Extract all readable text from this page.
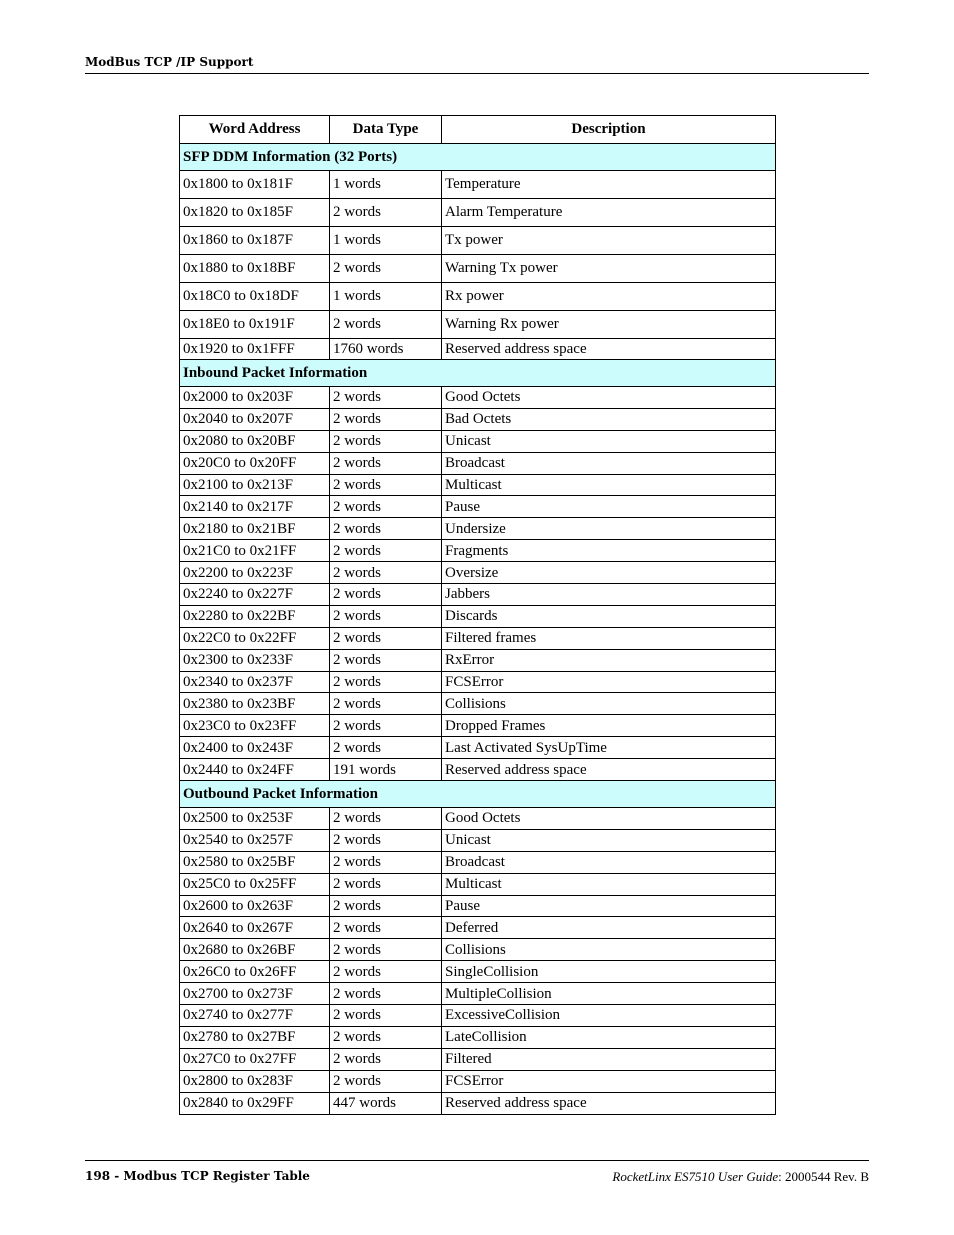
ModBus TCP /IP Support
Word Address	Data Type	Description
SFP DDM Information (32 Ports)		
0x1800 to 0x181F	1 words	Temperature
0x1820 to 0x185F	2 words	Alarm Temperature
0x1860 to 0x187F	1 words	Tx power
0x1880 to 0x18BF	2 words	Warning Tx power
0x18C0 to 0x18DF	1 words	Rx power
0x18E0 to 0x191F	2 words	Warning Rx power
0x1920 to 0x1FFF	1760 words	Reserved address space
Inbound Packet Information		
0x2000 to 0x203F	2 words	Good Octets
0x2040 to 0x207F	2 words	Bad Octets
0x2080 to 0x20BF	2 words	Unicast
0x20C0 to 0x20FF	2 words	Broadcast
0x2100 to 0x213F	2 words	Multicast
0x2140 to 0x217F	2 words	Pause
0x2180 to 0x21BF	2 words	Undersize
0x21C0 to 0x21FF	2 words	Fragments
0x2200 to 0x223F	2 words	Oversize
0x2240 to 0x227F	2 words	Jabbers
0x2280 to 0x22BF	2 words	Discards
0x22C0 to 0x22FF	2 words	Filtered frames
0x2300 to 0x233F	2 words	RxError
0x2340 to 0x237F	2 words	FCSError
0x2380 to 0x23BF	2 words	Collisions
0x23C0 to 0x23FF	2 words	Dropped Frames
0x2400 to 0x243F	2 words	Last Activated SysUpTime
0x2440 to 0x24FF	191 words	Reserved address space
Outbound Packet Information		
0x2500 to 0x253F	2 words	Good Octets
0x2540 to 0x257F	2 words	Unicast
0x2580 to 0x25BF	2 words	Broadcast
0x25C0 to 0x25FF	2 words	Multicast
0x2600 to 0x263F	2 words	Pause
0x2640 to 0x267F	2 words	Deferred
0x2680 to 0x26BF	2 words	Collisions
0x26C0 to 0x26FF	2 words	SingleCollision
0x2700 to 0x273F	2 words	MultipleCollision
0x2740 to 0x277F	2 words	ExcessiveCollision
0x2780 to 0x27BF	2 words	LateCollision
0x27C0 to 0x27FF	2 words	Filtered
0x2800 to 0x283F	2 words	FCSError
0x2840 to 0x29FF	447 words	Reserved address space
198 - Modbus TCP Register Table	RocketLinx ES7510 User Guide: 2000544 Rev. B
